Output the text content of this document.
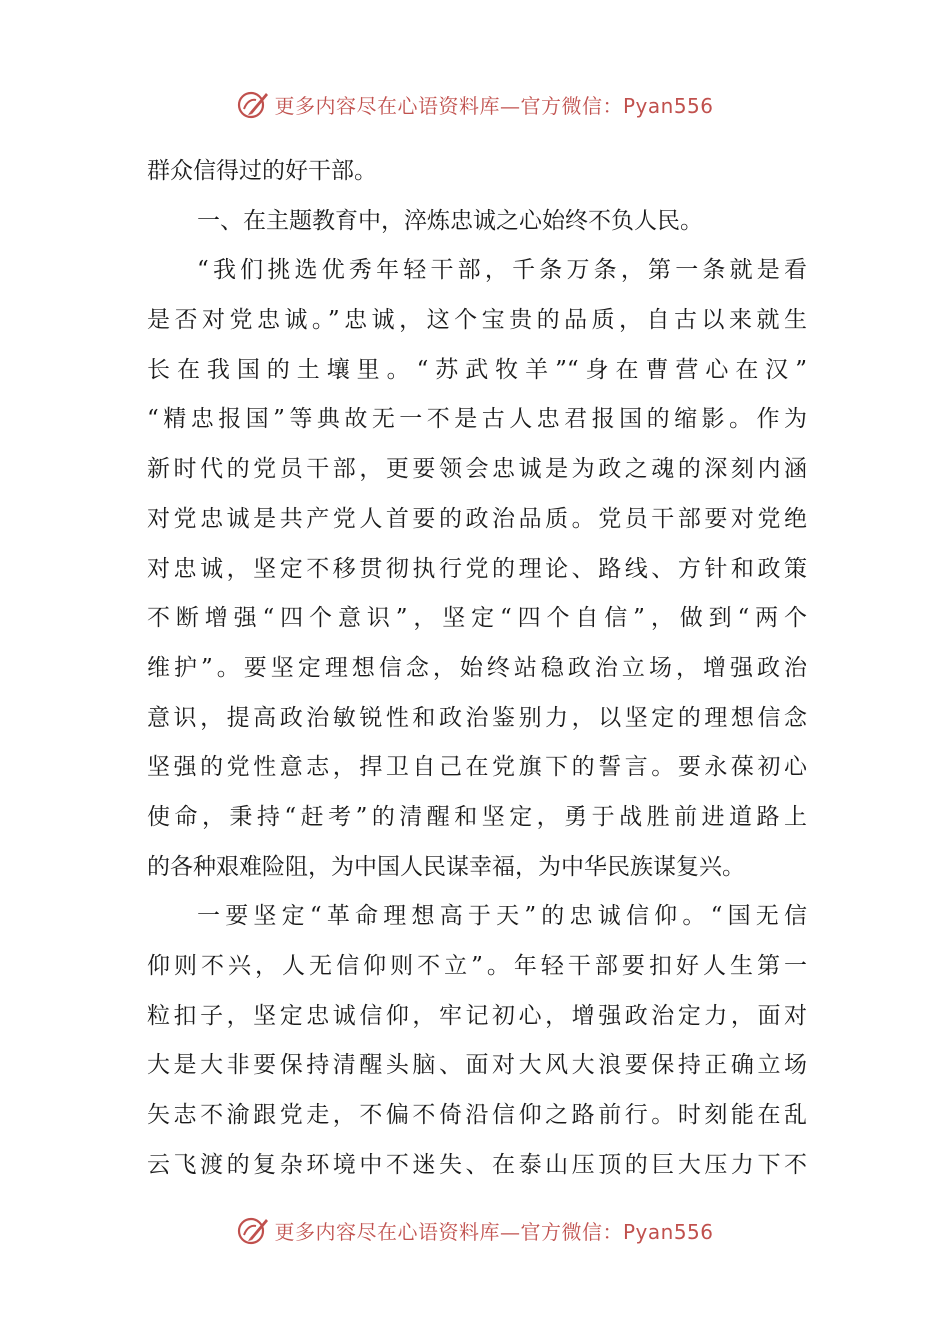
更多内容尽在心语资料库—官方微信：Pyan556
群众信得过的好干部。
一、在主题教育中，淬炼忠诚之心始终不负人民。
“我们挑选优秀年轻干部，千条万条，第一条就是看
是否对党忠诚。”忠诚，这个宝贵的品质，自古以来就生
长在我国的土壤里。“苏武牧羊”“身在曹营心在汉”
“精忠报国”等典故无一不是古人忠君报国的缩影。作为
新时代的党员干部，更要领会忠诚是为政之魂的深刻内涵
对党忠诚是共产党人首要的政治品质。党员干部要对党绝
对忠诚，坚定不移贯彻执行党的理论、路线、方针和政策
不断增强“四个意识”，坚定“四个自信”，做到“两个
维护”。要坚定理想信念，始终站稳政治立场，增强政治
意识，提高政治敏锐性和政治鉴别力，以坚定的理想信念
坚强的党性意志，捍卫自己在党旗下的誓言。要永葆初心
使命，秉持“赶考”的清醒和坚定，勇于战胜前进道路上
的各种艰难险阻，为中国人民谋幸福，为中华民族谋复兴。
一要坚定“革命理想高于天”的忠诚信仰。“国无信
仰则不兴，人无信仰则不立”。年轻干部要扣好人生第一
粒扣子，坚定忠诚信仰，牢记初心，增强政治定力，面对
大是大非要保持清醒头脑、面对大风大浪要保持正确立场
矢志不渝跟党走，不偏不倚沿信仰之路前行。时刻能在乱
云飞渡的复杂环境中不迷失、在泰山压顶的巨大压力下不
更多内容尽在心语资料库—官方微信：Pyan556
